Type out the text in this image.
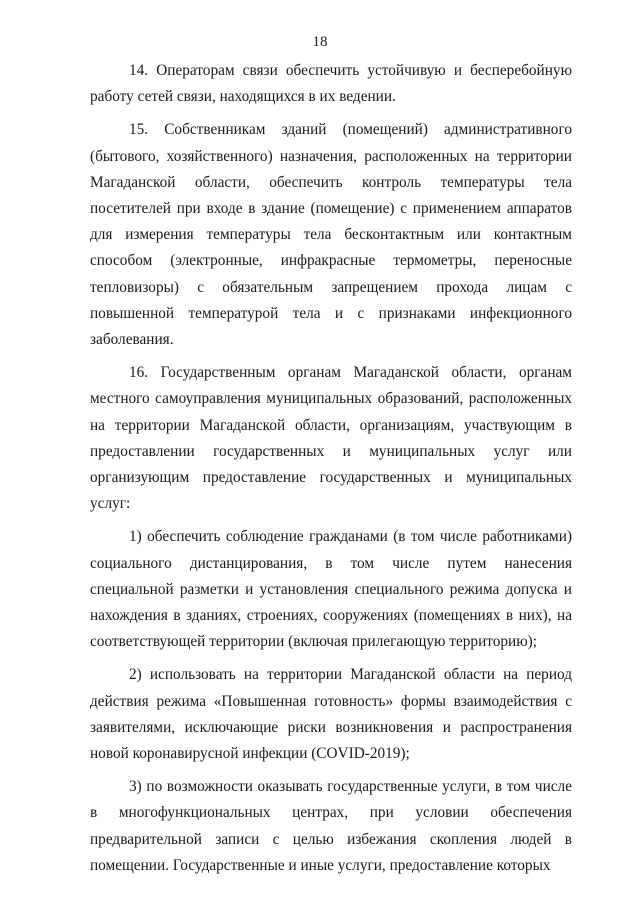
18

14. Операторам связи обеспечить устойчивую и бесперебойную работу сетей связи, находящихся в их ведении.

15. Собственникам зданий (помещений) административного (бытового, хозяйственного) назначения, расположенных на территории Магаданской области, обеспечить контроль температуры тела посетителей при входе в здание (помещение) с применением аппаратов для измерения температуры тела бесконтактным или контактным способом (электронные, инфракрасные термометры, переносные тепловизоры) с обязательным запрещением прохода лицам с повышенной температурой тела и с признаками инфекционного заболевания.

16. Государственным органам Магаданской области, органам местного самоуправления муниципальных образований, расположенных на территории Магаданской области, организациям, участвующим в предоставлении государственных и муниципальных услуг или организующим предоставление государственных и муниципальных услуг:

1) обеспечить соблюдение гражданами (в том числе работниками) социального дистанцирования, в том числе путем нанесения специальной разметки и установления специального режима допуска и нахождения в зданиях, строениях, сооружениях (помещениях в них), на соответствующей территории (включая прилегающую территорию);

2) использовать на территории Магаданской области на период действия режима «Повышенная готовность» формы взаимодействия с заявителями, исключающие риски возникновения и распространения новой коронавирусной инфекции (COVID-2019);

3) по возможности оказывать государственные услуги, в том числе в многофункциональных центрах, при условии обеспечения предварительной записи с целью избежания скопления людей в помещении. Государственные и иные услуги, предоставление которых
